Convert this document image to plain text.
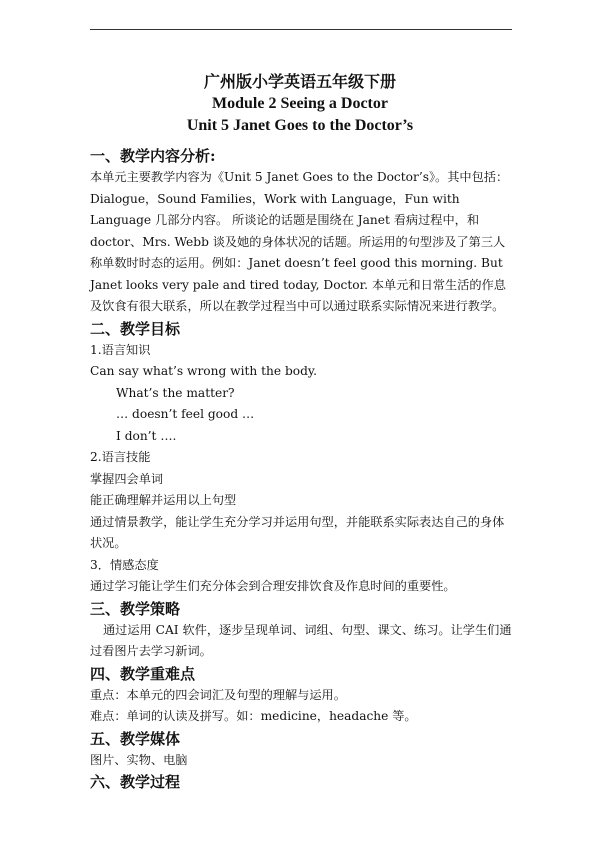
广州版小学英语五年级下册
Module 2 Seeing a Doctor
Unit 5 Janet Goes to the Doctor’s
一、教学内容分析:
本单元主要教学内容为《Unit 5 Janet Goes to the Doctor’s》。其中包括：Dialogue，Sound Families，Work with Language，Fun with Language 几部分内容。 所谈论的话题是围绕在 Janet 看病过程中，和 doctor、Mrs. Webb 谈及她的身体状况的话题。所运用的句型涉及了第三人称单数时时态的运用。例如：Janet doesn’t feel good this morning. But Janet looks very pale and tired today, Doctor. 本单元和日常生活的作息及饮食有很大联系，所以在教学过程当中可以通过联系实际情况来进行教学。
二、教学目标
1.语言知识
Can say what’s wrong with the body.
What’s the matter?
… doesn’t feel good …
I don’t ….
2.语言技能
掌握四会单词
能正确理解并运用以上句型
通过情景教学，能让学生充分学习并运用句型，并能联系实际表达自己的身体状况。
3．情感态度
通过学习能让学生们充分体会到合理安排饮食及作息时间的重要性。
三、教学策略
通过运用 CAI 软件，逐步呈现单词、词组、句型、课文、练习。让学生们通过看图片去学习新词。
四、教学重难点
重点：本单元的四会词汇及句型的理解与运用。
难点：单词的认读及拼写。如：medicine，headache 等。
五、教学媒体
图片、实物、电脑
六、教学过程
